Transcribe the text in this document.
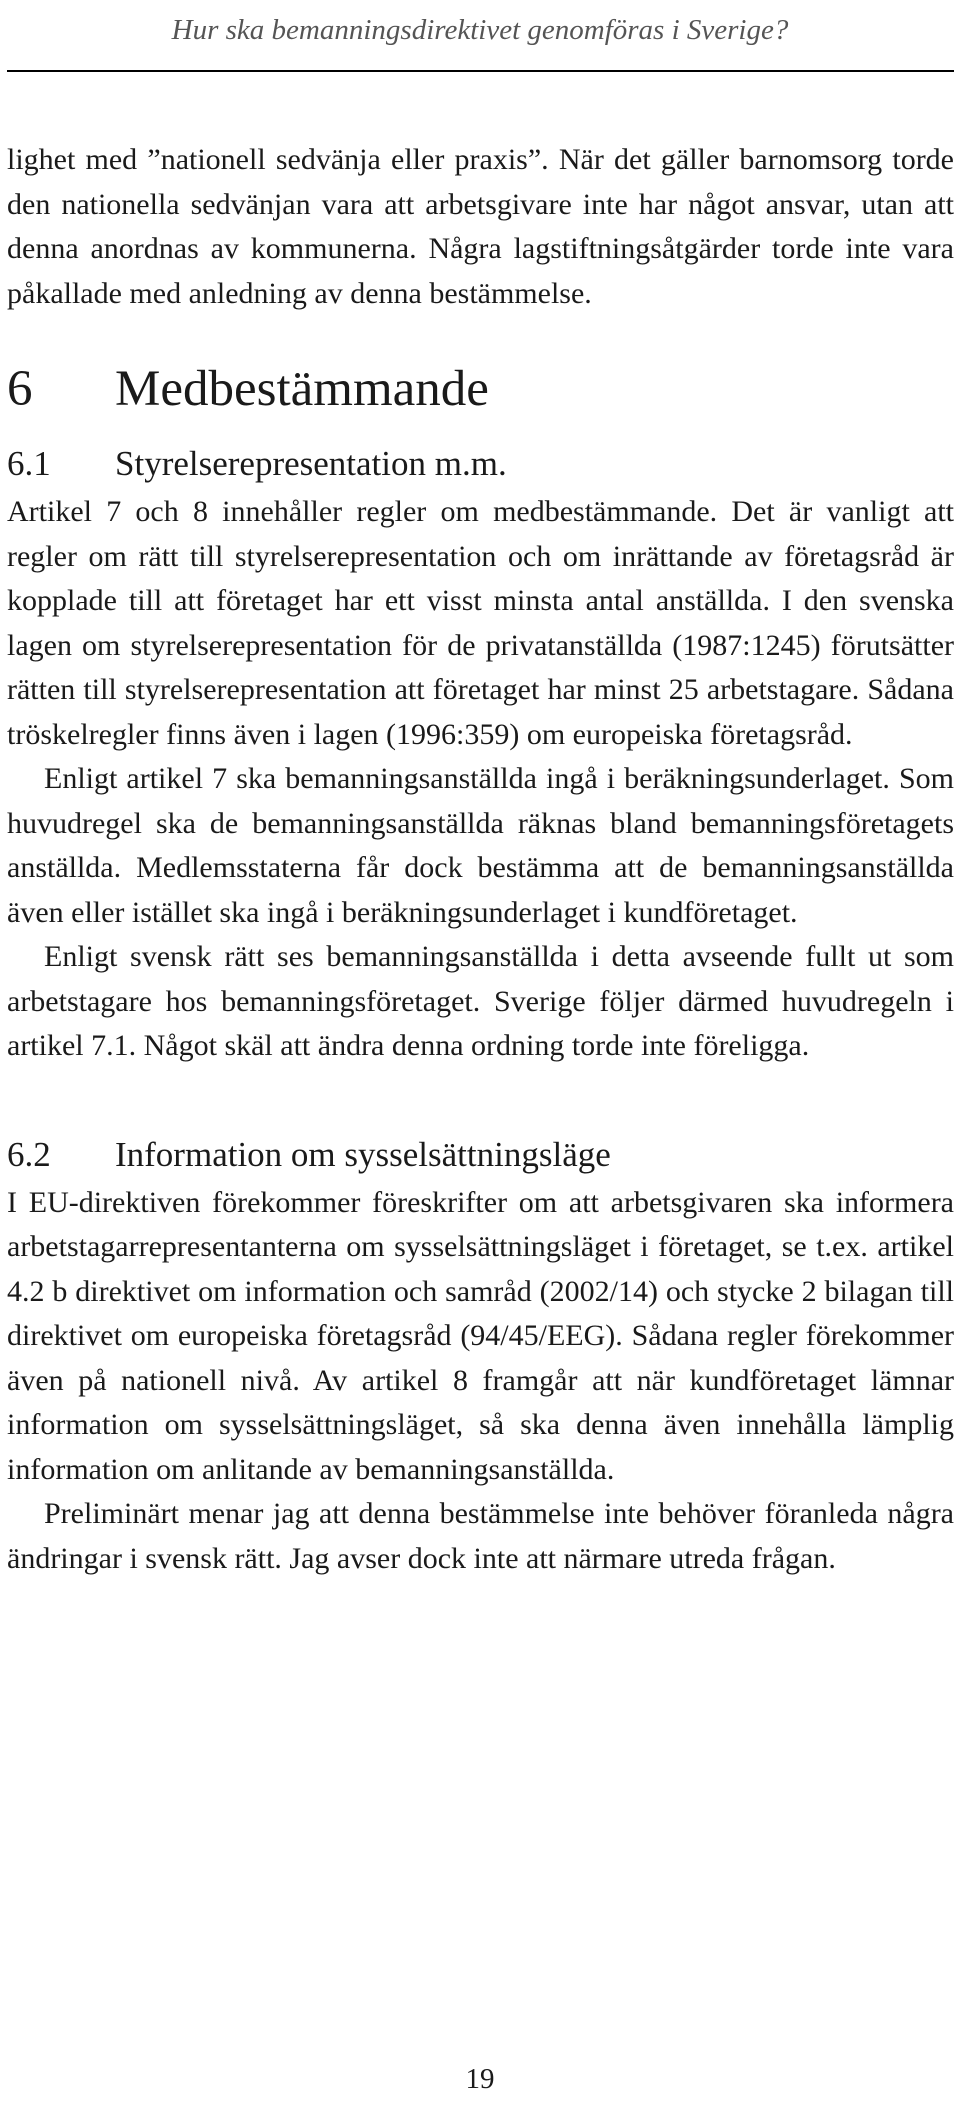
Hur ska bemanningsdirektivet genomföras i Sverige?

lighet med ”nationell sedvänja eller praxis”. När det gäller barnomsorg torde den nationella sedvänjan vara att arbetsgivare inte har något ansvar, utan att denna anordnas av kommunerna. Några lagstiftningsåtgärder torde inte vara påkallade med anledning av denna bestämmelse.

6	Medbestämmande
6.1	Styrelserepresentation m.m.

Artikel 7 och 8 innehåller regler om medbestämmande. Det är vanligt att regler om rätt till styrelserepresentation och om inrättande av företagsråd är kopplade till att företaget har ett visst minsta antal anställda. I den svenska lagen om styrelserepresentation för de privatanställda (1987:1245) förutsätter rätten till styrelserepresentation att företaget har minst 25 arbetstagare. Sådana tröskelregler finns även i lagen (1996:359) om europeiska företagsråd.

Enligt artikel 7 ska bemanningsanställda ingå i beräkningsunderlaget. Som huvudregel ska de bemanningsanställda räknas bland bemanningsföretagets anställda. Medlemsstaterna får dock bestämma att de bemanningsanställda även eller istället ska ingå i beräkningsunderlaget i kundföretaget.

Enligt svensk rätt ses bemanningsanställda i detta avseende fullt ut som arbetstagare hos bemanningsföretaget. Sverige följer därmed huvudregeln i artikel 7.1. Något skäl att ändra denna ordning torde inte föreligga.

6.2	Information om sysselsättningsläge

I EU-direktiven förekommer föreskrifter om att arbetsgivaren ska informera arbetstagarrepresentanterna om sysselsättningsläget i företaget, se t.ex. artikel 4.2 b direktivet om information och samråd (2002/14) och stycke 2 bilagan till direktivet om europeiska företagsråd (94/45/EEG). Sådana regler förekommer även på nationell nivå. Av artikel 8 framgår att när kundföretaget lämnar information om sysselsättningsläget, så ska denna även innehålla lämplig information om anlitande av bemanningsanställda.

Preliminärt menar jag att denna bestämmelse inte behöver föranleda några ändringar i svensk rätt. Jag avser dock inte att närmare utreda frågan.

19
